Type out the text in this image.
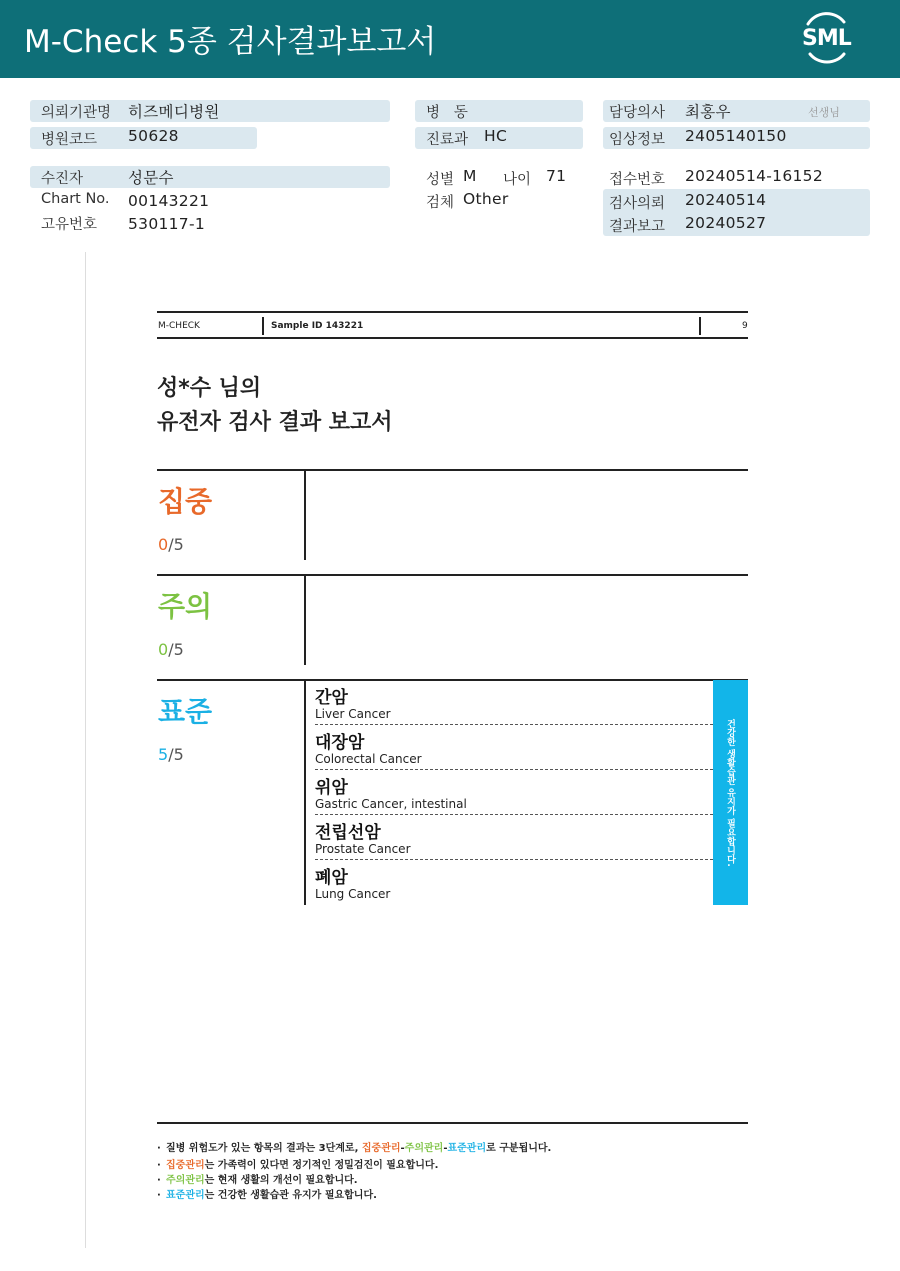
M-Check 5종 검사결과보고서	SML
의뢰기관명 히즈메디병원
병원코드 50628
병   동
진료과 HC
담당의사 최홍우	선생님
임상정보 2405140150
수진자	성문수
Chart No. 00143221
고유번호 530117-1
성별 M 나이 71
검체 Other
접수번호 20240514-16152
검사의뢰 20240514
결과보고 20240527
M-CHECK	Sample ID 143221	9
성*수 님의
유전자 검사 결과 보고서
집중
0/5
주의
0/5
표준
5/5
간암
Liver Cancer
대장암
Colorectal Cancer
위암
Gastric Cancer, intestinal
전립선암
Prostate Cancer
폐암
Lung Cancer
건강한 생활습관 유지가 필요합니다.
· 질병 위험도가 있는 항목의 결과는 3단계로, 집중관리-주의관리-표준관리로 구분됩니다.
· 집중관리는 가족력이 있다면 정기적인 정밀검진이 필요합니다.
· 주의관리는 현재 생활의 개선이 필요합니다.
· 표준관리는 건강한 생활습관 유지가 필요합니다.
